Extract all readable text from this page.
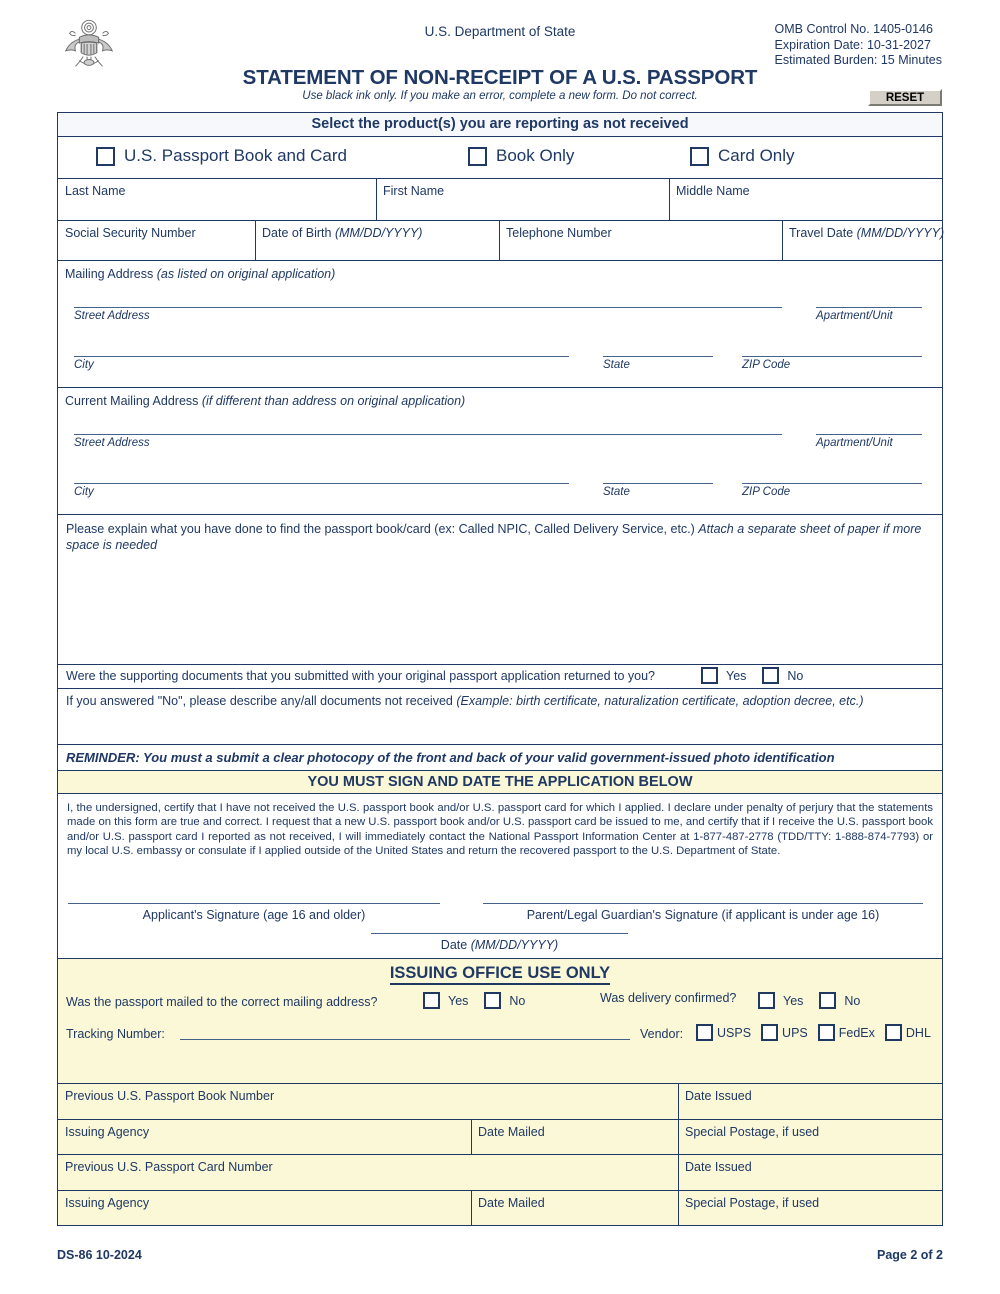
U.S. Department of State	OMB Control No. 1405-0146
Expiration Date: 10-31-2027
Estimated Burden: 15 Minutes
STATEMENT OF NON-RECEIPT OF A U.S. PASSPORT
Use black ink only. If you make an error, complete a new form. Do not correct.	RESET
Select the product(s) you are reporting as not received
U.S. Passport Book and Card	Book Only	Card Only
Last Name	First Name	Middle Name
Social Security Number	Date of Birth (MM/DD/YYYY)	Telephone Number	Travel Date (MM/DD/YYYY)
Mailing Address (as listed on original application)
Street Address	Apartment/Unit
City	State	ZIP Code
Current Mailing Address (if different than address on original application)
Street Address	Apartment/Unit
City	State	ZIP Code
Please explain what you have done to find the passport book/card (ex: Called NPIC, Called Delivery Service, etc.) Attach a separate sheet of paper if more space is needed
Were the supporting documents that you submitted with your original passport application returned to you?	Yes	No
If you answered "No", please describe any/all documents not received (Example: birth certificate, naturalization certificate, adoption decree, etc.)
REMINDER: You must a submit a clear photocopy of the front and back of your valid government-issued photo identification
YOU MUST SIGN AND DATE THE APPLICATION BELOW
I, the undersigned, certify that I have not received the U.S. passport book and/or U.S. passport card for which I applied. I declare under penalty of perjury that the statements made on this form are true and correct. I request that a new U.S. passport book and/or U.S. passport card be issued to me, and certify that if I receive the U.S. passport book and/or U.S. passport card I reported as not received, I will immediately contact the National Passport Information Center at 1-877-487-2778 (TDD/TTY: 1-888-874-7793) or my local U.S. embassy or consulate if I applied outside of the United States and return the recovered passport to the U.S. Department of State.
Applicant's Signature (age 16 and older)	Parent/Legal Guardian's Signature (if applicant is under age 16)
Date (MM/DD/YYYY)
ISSUING OFFICE USE ONLY
Was the passport mailed to the correct mailing address?	Yes	No	Was delivery confirmed?	Yes	No
Tracking Number:	Vendor:	USPS UPS FedEx DHL
Previous U.S. Passport Book Number	Date Issued
Issuing Agency	Date Mailed	Special Postage, if used
Previous U.S. Passport Card Number	Date Issued
Issuing Agency	Date Mailed	Special Postage, if used
DS-86 10-2024	Page 2 of 2
